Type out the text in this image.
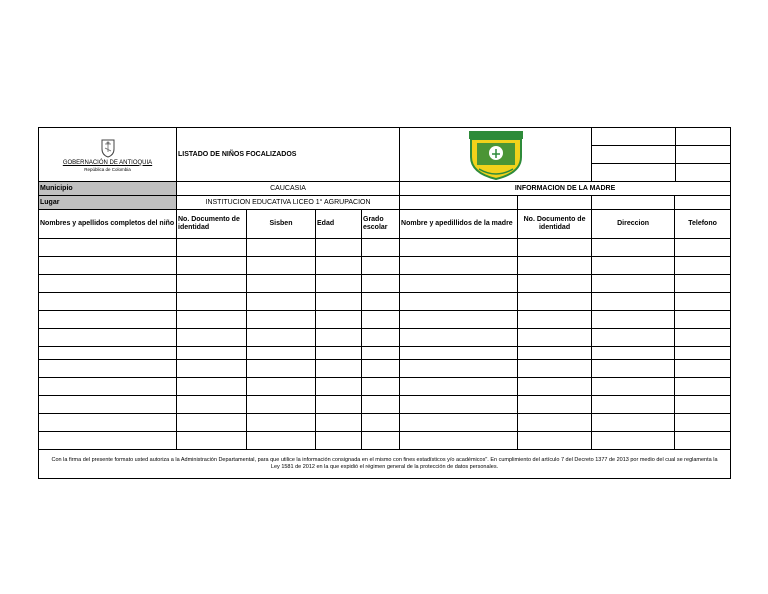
GOBERNACIÓN DE ANTIOQUIA
República de Colombia
	LISTADO DE NIÑOS FOCALIZADOS	

Municipio	CAUCASIA	INFORMACION DE LA MADRE
Lugar	INSTITUCION EDUCATIVA LICEO 1° AGRUPACION				
Nombres y apellidos completos del niño	No. Documento de identidad	Sisben	Edad	Grado escolar	Nombre y apedillidos de la madre	No. Documento de identidad	Direccion	Telefono

Con la firma del presente formato usted autoriza a la Administración Departamental, para que utilice la información consignada en el mismo con fines estadísticos y/o académicos". En cumplimiento del artículo 7 del Decreto 1377 de 2013 por medio del cual se reglamenta la Ley 1581 de 2012 en la que expidió el régimen general de la protección de datos personales.
